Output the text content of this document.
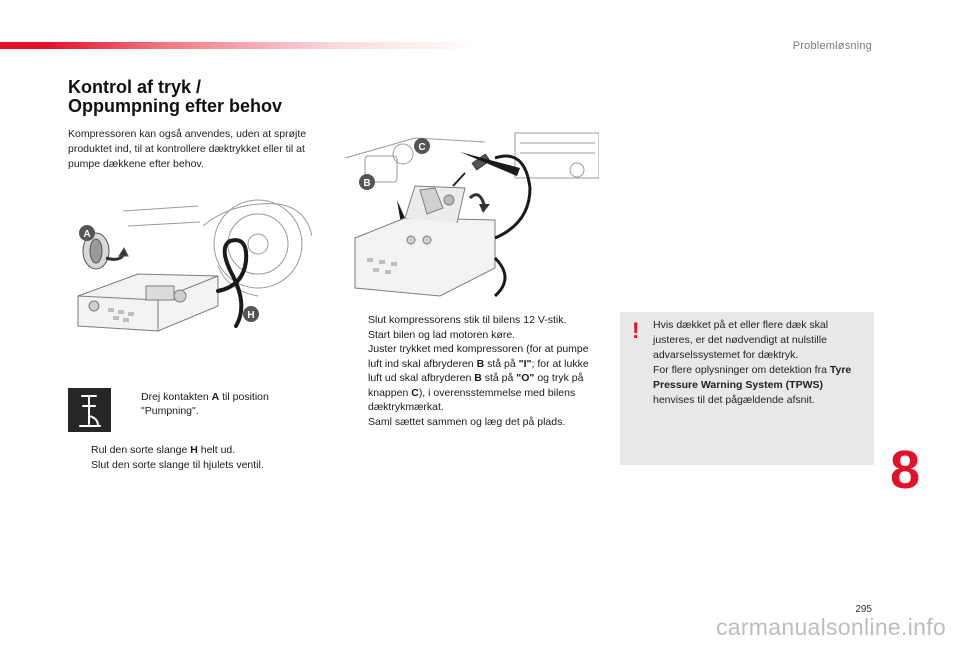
Problemløsning
Kontrol af tryk /
Oppumpning efter behov

Kompressoren kan også anvendes, uden at sprøjte produktet ind, til at kontrollere dæktrykket eller til at pumpe dækkene efter behov.

A
H
B
C
Drej kontakten A til position "Pumpning".
Rul den sorte slange H helt ud.
Slut den sorte slange til hjulets ventil.
Slut kompressorens stik til bilens 12 V-stik.
Start bilen og lad motoren køre.
Juster trykket med kompressoren (for at pumpe luft ind skal afbryderen B stå på "I"; for at lukke luft ud skal afbryderen B stå på "O" og tryk på knappen C), i overensstemmelse med bilens dæktrykmærkat.
Saml sættet sammen og læg det på plads.
! Hvis dækket på et eller flere dæk skal justeres, er det nødvendigt at nulstille advarselssystemet for dæktryk.
For flere oplysninger om detektion fra Tyre Pressure Warning System (TPWS) henvises til det pågældende afsnit.
8
295
carmanualsonline.info
